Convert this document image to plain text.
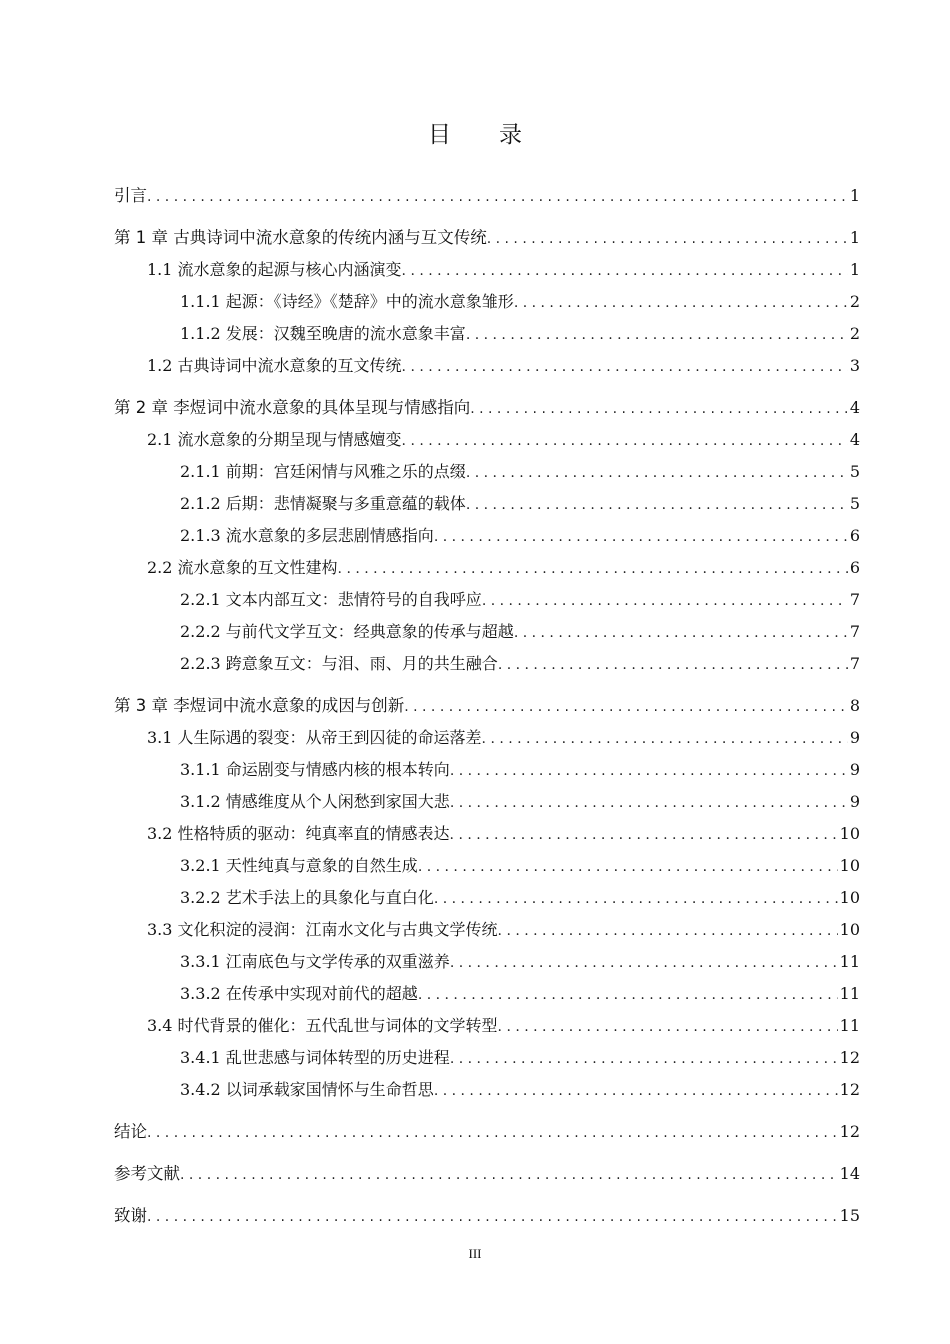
目 录
引言 . . .	1
第 1 章 古典诗词中流水意象的传统内涵与互文传统 . . .	1
1.1 流水意象的起源与核心内涵演变 . . .	1
1.1.1 起源：《诗经》《楚辞》中的流水意象雏形 . . .	2
1.1.2 发展：汉魏至晚唐的流水意象丰富 . . .	2
1.2 古典诗词中流水意象的互文传统 . . .	3
第 2 章 李煜词中流水意象的具体呈现与情感指向 . . .	4
2.1 流水意象的分期呈现与情感嬗变 . . .	4
2.1.1 前期：宫廷闲情与风雅之乐的点缀 . . .	5
2.1.2 后期：悲情凝聚与多重意蕴的载体 . . .	5
2.1.3 流水意象的多层悲剧情感指向 . . .	6
2.2 流水意象的互文性建构 . . .	6
2.2.1 文本内部互文：悲情符号的自我呼应 . . .	7
2.2.2 与前代文学互文：经典意象的传承与超越 . . .	7
2.2.3 跨意象互文：与泪、雨、月的共生融合 . . .	7
第 3 章 李煜词中流水意象的成因与创新 . . .	8
3.1 人生际遇的裂变：从帝王到囚徒的命运落差 . . .	9
3.1.1 命运剧变与情感内核的根本转向 . . .	9
3.1.2 情感维度从个人闲愁到家国大悲 . . .	9
3.2 性格特质的驱动：纯真率直的情感表达 . . .	10
3.2.1 天性纯真与意象的自然生成 . . .	10
3.2.2 艺术手法上的具象化与直白化 . . .	10
3.3 文化积淀的浸润：江南水文化与古典文学传统 . . .	10
3.3.1 江南底色与文学传承的双重滋养 . . .	11
3.3.2 在传承中实现对前代的超越 . . .	11
3.4 时代背景的催化：五代乱世与词体的文学转型 . . .	11
3.4.1 乱世悲感与词体转型的历史进程 . . .	12
3.4.2 以词承载家国情怀与生命哲思 . . .	12
结论 . . .	12
参考文献 . . .	14
致谢 . . .	15
III
